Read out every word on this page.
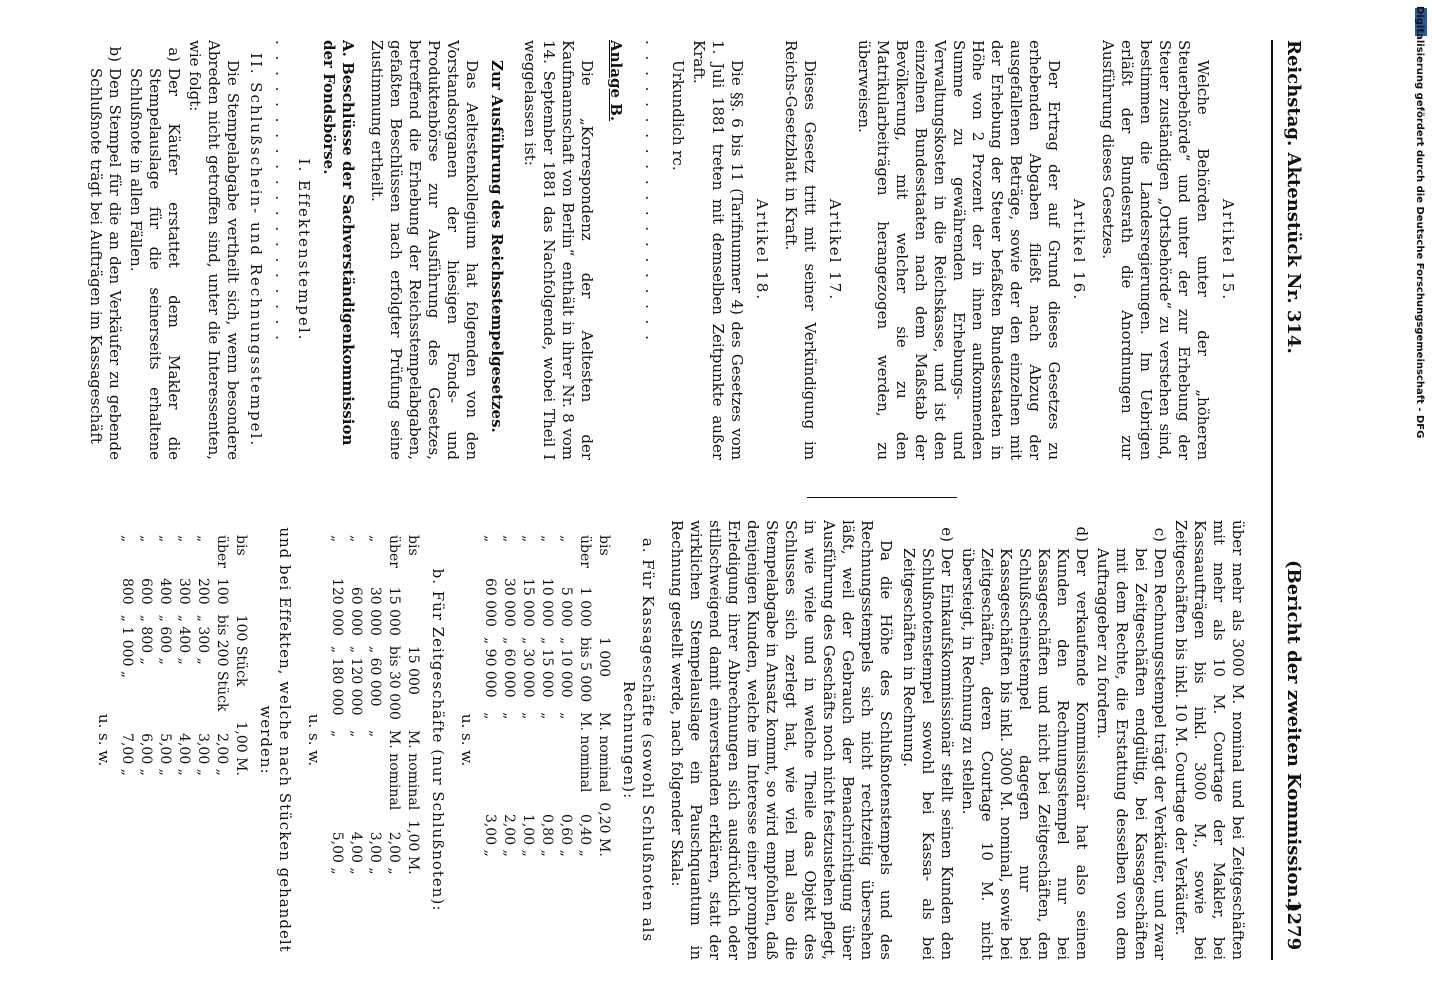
Reichstag. Aktenstück Nr. 314.
(Bericht der zweiten Kommission.)
1279
Artikel 15.

Welche Behörden unter der „höheren Steuerbehörde“ und unter der zur Erhebung der Steuer zuständigen „Ortsbehörde“ zu verstehen sind, bestimmen die Landesregierungen. Im Uebrigen erläßt der Bundesrath die Anordnungen zur Ausführung dieses Gesetzes.

Artikel 16.

Der Ertrag der auf Grund dieses Gesetzes zu erhebenden Abgaben fließt nach Abzug der ausgefallenen Beträge, sowie der den einzelnen mit der Erhebung der Steuer befaßten Bundesstaaten in Höhe von 2 Prozent der in ihnen aufkommenden Summe zu gewährenden Erhebungs- und Verwaltungskosten in die Reichskasse, und ist den einzelnen Bundesstaaten nach dem Maßstab der Bevölkerung, mit welcher sie zu den Matrikularbeiträgen herangezogen werden, zu überweisen.

Artikel 17.

Dieses Gesetz tritt mit seiner Verkündigung im Reichs-Gesetzblatt in Kraft.

Artikel 18.

Die §§. 6 bis 11 (Tarifnummer 4) des Gesetzes vom 1. Juli 1881 treten mit demselben Zeitpunkte außer Kraft.

Urkundlich rc.

. . . . . . . . . . . . . . . . . . . .
Anlage B.

Die „Korrespondenz der Aeltesten der Kaufmannschaft von Berlin“ enthält in ihrer Nr. 8 vom 14. September 1881 das Nachfolgende, wobei Theil I weggelassen ist:

Zur Ausführung des Reichsstempelgesetzes.

Das Aeltestenkollegium hat folgenden von den Vorstandsorganen der hiesigen Fonds- und Produktenbörse zur Ausführung des Gesetzes, betreffend die Erhebung der Reichsstempelabgaben, gefaßten Beschlüssen nach erfolgter Prüfung seine Zustimmung ertheilt.

A. Beschlüsse der Sachverständigenkommission der Fondsbörse.
I. Effektenstempel.
. . . . . . . . . . . . . . . . . . . .
II. Schlußschein- und Rechnungsstempel.

Die Stempelabgabe vertheilt sich, wenn besondere Abreden nicht getroffen sind, unter die Interessenten, wie folgt:

a)
Der Käufer erstattet dem Makler die Stempelauslage für die seinerseits erhaltene Schlußnote in allen Fällen.
b)
Den Stempel für die an den Verkäufer zu gebende Schlußnote trägt bei Aufträgen im Kassageschäft

über mehr als 3000 M. nominal und bei Zeitgeschäften mit mehr als 10 M. Courtage der Makler, bei Kassaaufträgen bis inkl. 3000 M., sowie bei Zeitgeschäften bis inkl. 10 M. Courtage der Verkäufer.

c)
Den Rechnungsstempel trägt der Verkäufer, und zwar bei Zeitgeschäften endgültig, bei Kassageschäften mit dem Rechte, die Erstattung desselben von dem Auftraggeber zu fordern.
d)
Der verkaufende Kommissionär hat also seinen Kunden den Rechnungsstempel nur bei Kassageschäften und nicht bei Zeitgeschäften, den Schlußscheinstempel dagegen nur bei Kassageschäften bis inkl. 3000 M. nominal, sowie bei Zeitgeschäften, deren Courtage 10 M. nicht übersteigt, in Rechnung zu stellen.
e)
Der Einkaufskommissionär stellt seinen Kunden den Schlußnotenstempel sowohl bei Kassa- als bei Zeitgeschäften in Rechnung.

Da die Höhe des Schlußnotenstempels und des Rechnungsstempels sich nicht rechtzeitig übersehen läßt, weil der Gebrauch der Benachrichtigung über Ausführung des Geschäfts noch nicht festzustehen pflegt, in wie viele und in welche Theile das Objekt des Schlusses sich zerlegt hat, wie viel mal also die Stempelabgabe in Ansatz kommt, so wird empfohlen, daß denjenigen Kunden, welche im Interesse einer prompten Erledigung ihrer Abrechnungen sich ausdrücklich oder stillschweigend damit einverstanden erklären, statt der wirklichen Stempelauslage ein Pauschquantum in Rechnung gestellt werde, nach folgender Skala:

a. Für Kassageschäfte (sowohl Schlußnoten als Rechnungen):
bis		1 000	M. nominal	0,20 M.
über	1 000	bis 5 000	M. nominal	0,40 „
„	5 000	„ 10 000	„	0,60 „
„	10 000	„ 15 000	„	0,80 „
„	15 000	„ 30 000	„	1,00 „
„	30 000	„ 60 000	„	2,00 „
„	60 000	„ 90 000	„	3,00 „
u. s. w.
b. Für Zeitgeschäfte (nur Schlußnoten):
bis		15 000	M. nominal	1,00 M.
über	15 000	bis 30 000	M. nominal	2,00 „
„	30 000	„ 60 000	„	3,00 „
„	60 000	„ 120 000	„	4,00 „
„	120 000	„ 180 000	„	5,00 „
u. s. w.
und bei Effekten, welche nach Stücken gehandelt werden:
bis		100 Stück	1,00 M.
über	100	bis 200 Stück	2,00 „
„	200	„ 300 „	3,00 „
„	300	„ 400 „	4,00 „
„	400	„ 600 „	5,00 „
„	600	„ 800 „	6,00 „
„	800	„ 1 000 „	7,00 „
u. s. w.
Digitalisierung gefördert durch die Deutsche Forschungsgemeinschaft - DFG
